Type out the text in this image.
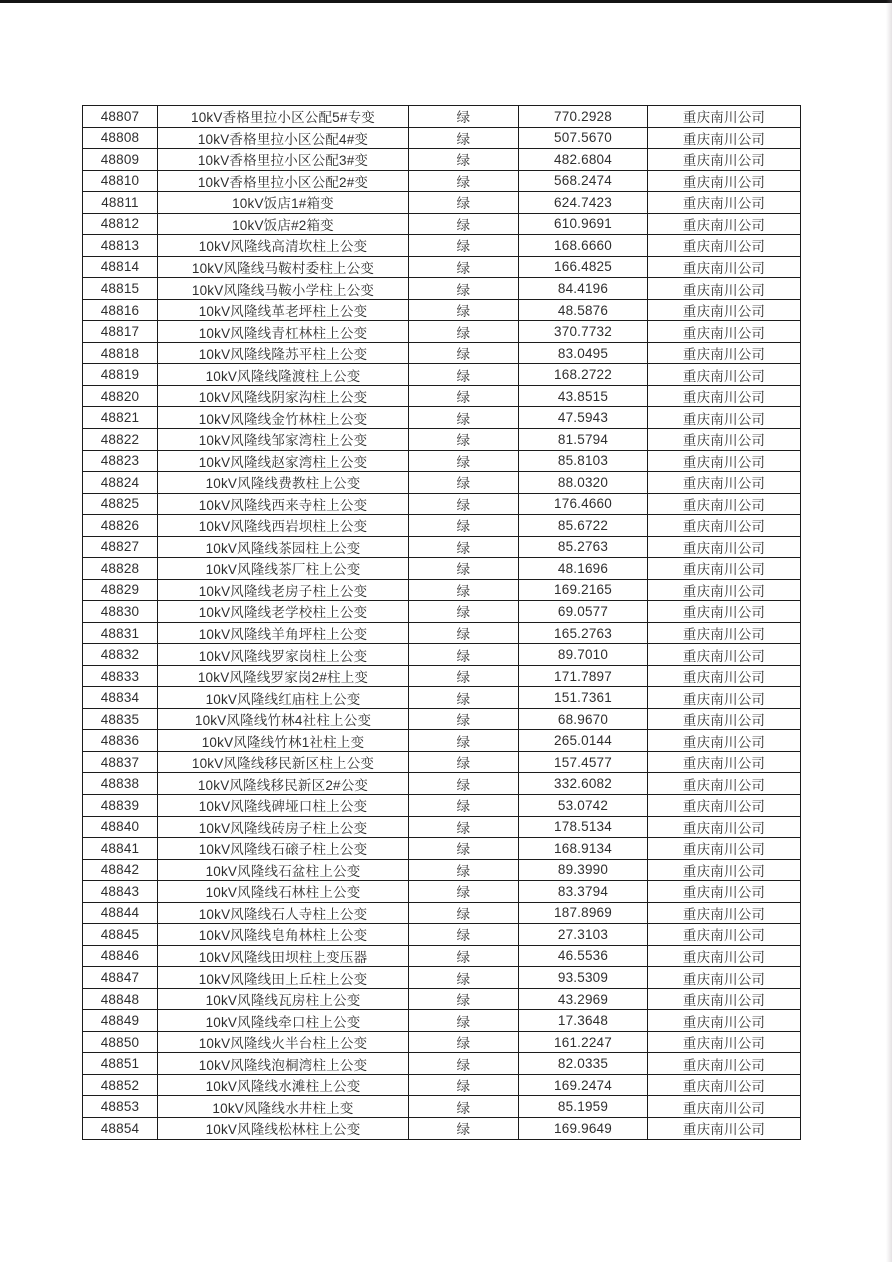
48807	10kV香格里拉小区公配5#专变	绿	770.2928	重庆南川公司
48808	10kV香格里拉小区公配4#变	绿	507.5670	重庆南川公司
48809	10kV香格里拉小区公配3#变	绿	482.6804	重庆南川公司
48810	10kV香格里拉小区公配2#变	绿	568.2474	重庆南川公司
48811	10kV饭店1#箱变	绿	624.7423	重庆南川公司
48812	10kV饭店#2箱变	绿	610.9691	重庆南川公司
48813	10kV风隆线高清坎柱上公变	绿	168.6660	重庆南川公司
48814	10kV风隆线马鞍村委柱上公变	绿	166.4825	重庆南川公司
48815	10kV风隆线马鞍小学柱上公变	绿	84.4196	重庆南川公司
48816	10kV风隆线革老坪柱上公变	绿	48.5876	重庆南川公司
48817	10kV风隆线青杠林柱上公变	绿	370.7732	重庆南川公司
48818	10kV风隆线隆苏平柱上公变	绿	83.0495	重庆南川公司
48819	10kV风隆线隆渡柱上公变	绿	168.2722	重庆南川公司
48820	10kV风隆线阴家沟柱上公变	绿	43.8515	重庆南川公司
48821	10kV风隆线金竹林柱上公变	绿	47.5943	重庆南川公司
48822	10kV风隆线邹家湾柱上公变	绿	81.5794	重庆南川公司
48823	10kV风隆线赵家湾柱上公变	绿	85.8103	重庆南川公司
48824	10kV风隆线费教柱上公变	绿	88.0320	重庆南川公司
48825	10kV风隆线西来寺柱上公变	绿	176.4660	重庆南川公司
48826	10kV风隆线西岩坝柱上公变	绿	85.6722	重庆南川公司
48827	10kV风隆线茶园柱上公变	绿	85.2763	重庆南川公司
48828	10kV风隆线茶厂柱上公变	绿	48.1696	重庆南川公司
48829	10kV风隆线老房子柱上公变	绿	169.2165	重庆南川公司
48830	10kV风隆线老学校柱上公变	绿	69.0577	重庆南川公司
48831	10kV风隆线羊角坪柱上公变	绿	165.2763	重庆南川公司
48832	10kV风隆线罗家岗柱上公变	绿	89.7010	重庆南川公司
48833	10kV风隆线罗家岗2#柱上变	绿	171.7897	重庆南川公司
48834	10kV风隆线红庙柱上公变	绿	151.7361	重庆南川公司
48835	10kV风隆线竹林4社柱上公变	绿	68.9670	重庆南川公司
48836	10kV风隆线竹林1社柱上变	绿	265.0144	重庆南川公司
48837	10kV风隆线移民新区柱上公变	绿	157.4577	重庆南川公司
48838	10kV风隆线移民新区2#公变	绿	332.6082	重庆南川公司
48839	10kV风隆线碑垭口柱上公变	绿	53.0742	重庆南川公司
48840	10kV风隆线砖房子柱上公变	绿	178.5134	重庆南川公司
48841	10kV风隆线石磙子柱上公变	绿	168.9134	重庆南川公司
48842	10kV风隆线石盆柱上公变	绿	89.3990	重庆南川公司
48843	10kV风隆线石林柱上公变	绿	83.3794	重庆南川公司
48844	10kV风隆线石人寺柱上公变	绿	187.8969	重庆南川公司
48845	10kV风隆线皂角林柱上公变	绿	27.3103	重庆南川公司
48846	10kV风隆线田坝柱上变压器	绿	46.5536	重庆南川公司
48847	10kV风隆线田上丘柱上公变	绿	93.5309	重庆南川公司
48848	10kV风隆线瓦房柱上公变	绿	43.2969	重庆南川公司
48849	10kV风隆线牵口柱上公变	绿	17.3648	重庆南川公司
48850	10kV风隆线火半台柱上公变	绿	161.2247	重庆南川公司
48851	10kV风隆线泡桐湾柱上公变	绿	82.0335	重庆南川公司
48852	10kV风隆线水滩柱上公变	绿	169.2474	重庆南川公司
48853	10kV风隆线水井柱上变	绿	85.1959	重庆南川公司
48854	10kV风隆线松林柱上公变	绿	169.9649	重庆南川公司
